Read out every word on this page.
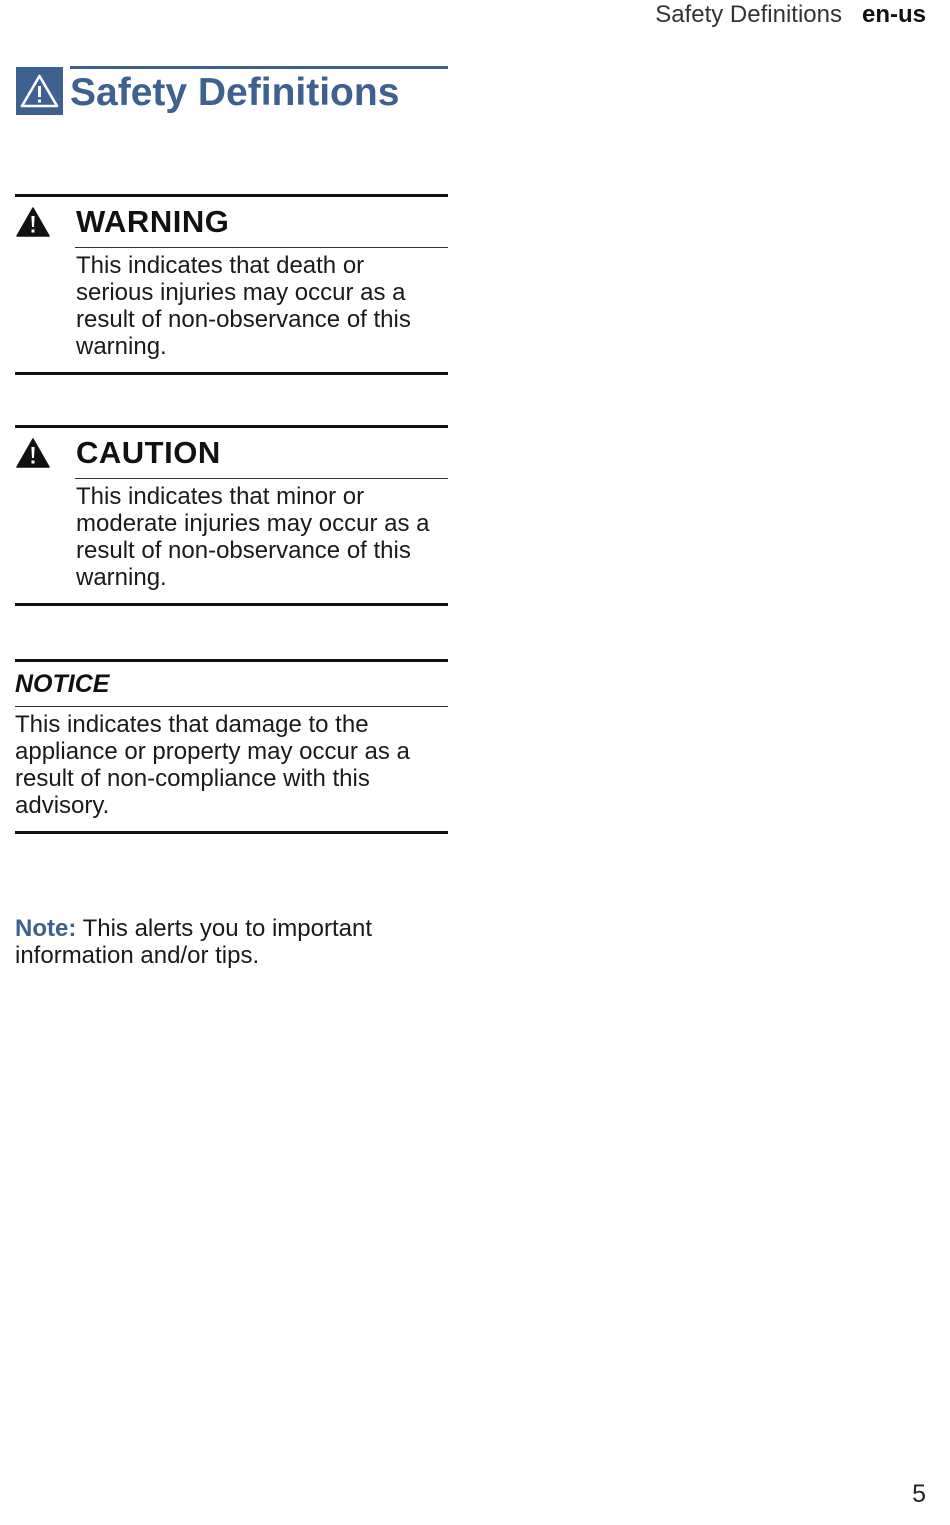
Safety Definitions en-us
Safety Definitions
WARNING
This indicates that death or serious injuries may occur as a result of non-observance of this warning.
CAUTION
This indicates that minor or moderate injuries may occur as a result of non-observance of this warning.
NOTICE
This indicates that damage to the appliance or property may occur as a result of non-compliance with this advisory.
Note: This alerts you to important information and/or tips.
5
